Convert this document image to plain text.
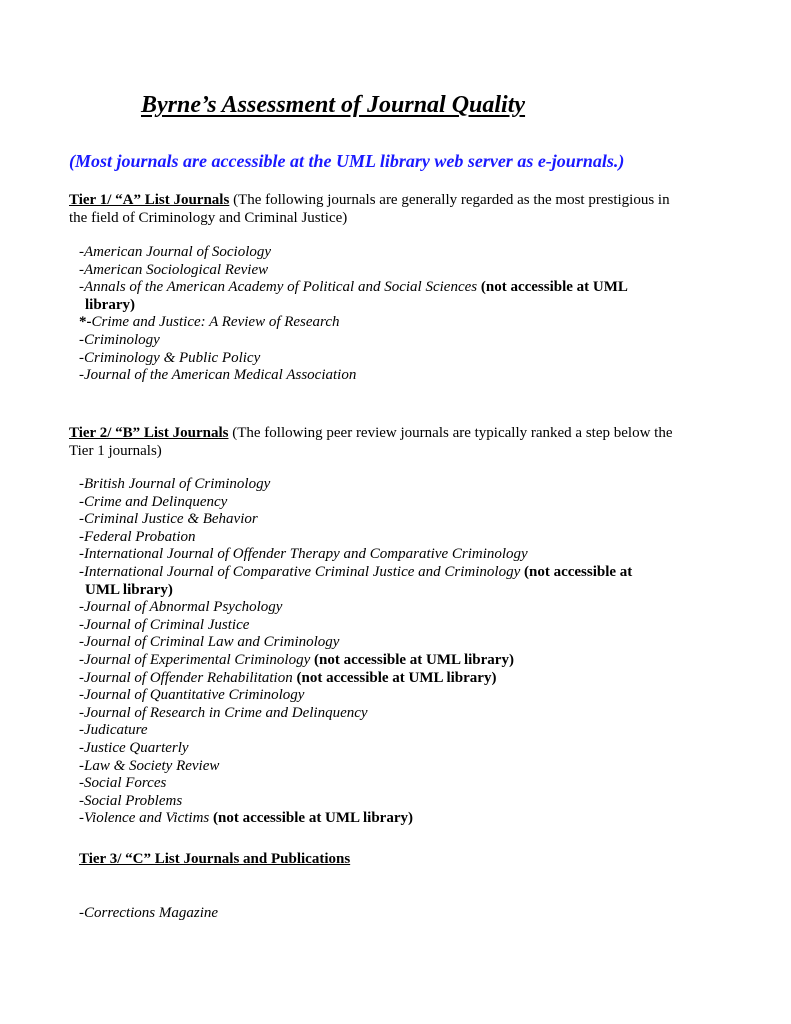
Byrne’s Assessment of Journal Quality
(Most journals are accessible at the UML library web server as e-journals.)
Tier 1/ “A” List Journals (The following journals are generally regarded as the most prestigious in the field of Criminology and Criminal Justice)
-American Journal of Sociology
-American Sociological Review
-Annals of the American Academy of Political and Social Sciences (not accessible at UML
library)
*-Crime and Justice: A Review of Research
-Criminology
-Criminology & Public Policy
-Journal of the American Medical Association
Tier 2/ “B” List Journals (The following peer review journals are typically ranked a step below the Tier 1 journals)
-British Journal of Criminology
-Crime and Delinquency
-Criminal Justice & Behavior
-Federal Probation
-International Journal of Offender Therapy and Comparative Criminology
-International Journal of Comparative Criminal Justice and Criminology (not accessible at
UML library)
-Journal of Abnormal Psychology
-Journal of Criminal Justice
-Journal of Criminal Law and Criminology
-Journal of Experimental Criminology (not accessible at UML library)
-Journal of Offender Rehabilitation (not accessible at UML library)
-Journal of Quantitative Criminology
-Journal of Research in Crime and Delinquency
-Judicature
-Justice Quarterly
-Law & Society Review
-Social Forces
-Social Problems
-Violence and Victims (not accessible at UML library)
Tier 3/ “C” List Journals and Publications
-Corrections Magazine
